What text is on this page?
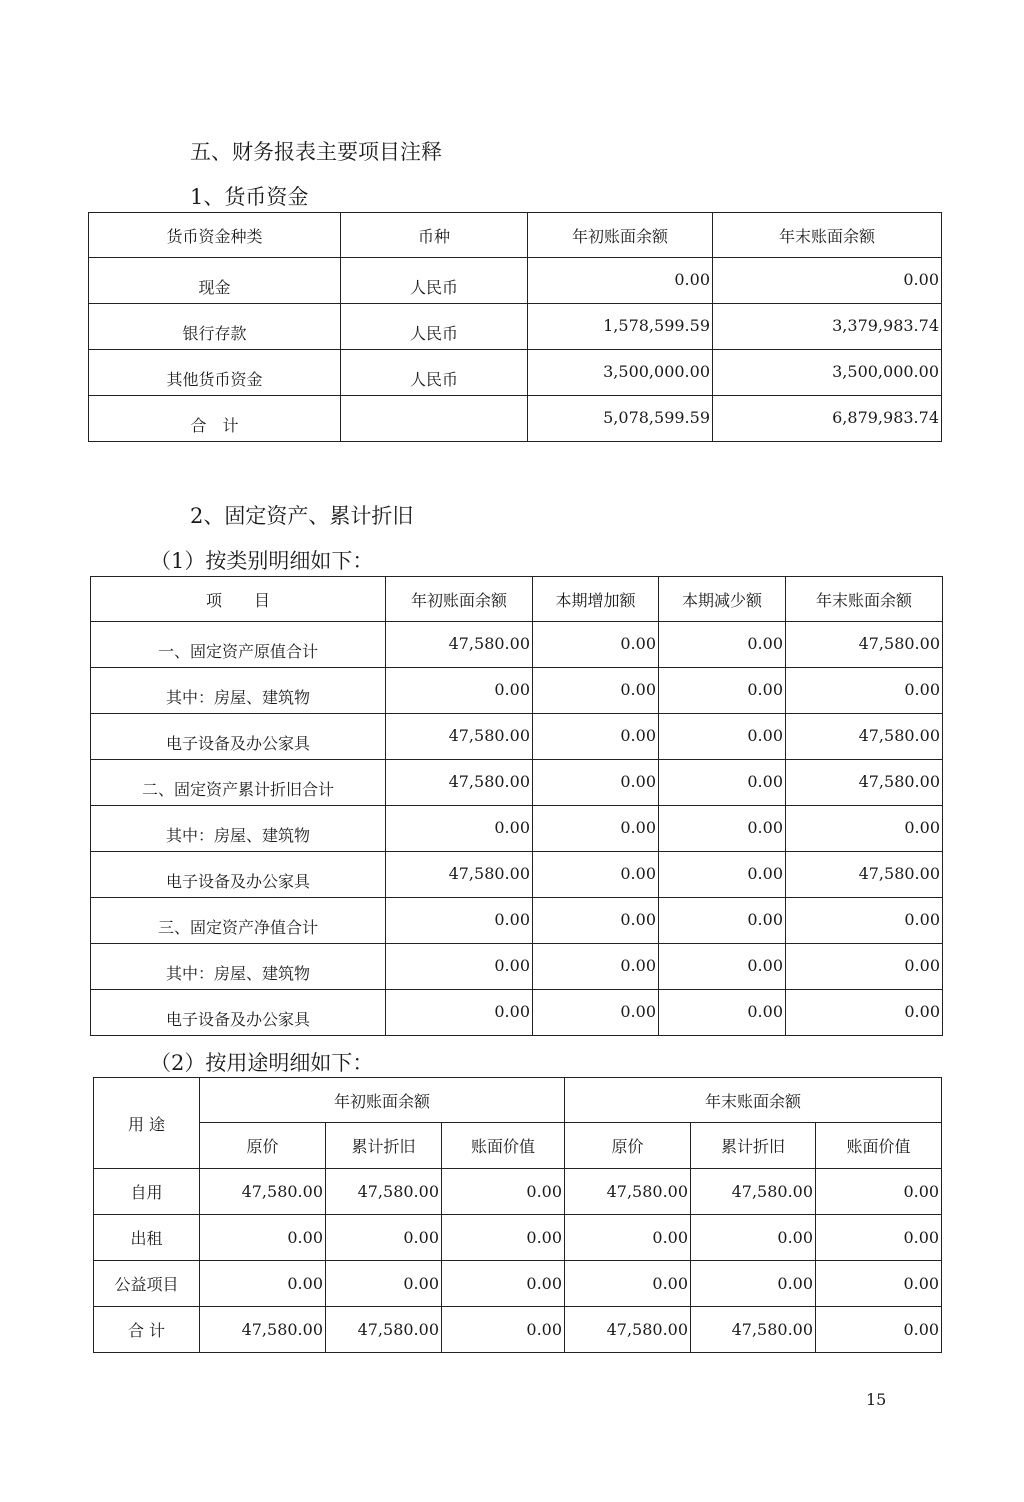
五、财务报表主要项目注释
1、货币资金
货币资金种类	币种	年初账面余额	年末账面余额
现金	人民币	0.00	0.00
银行存款	人民币	1,578,599.59	3,379,983.74
其他货币资金	人民币	3,500,000.00	3,500,000.00
合　计		5,078,599.59	6,879,983.74
2、固定资产、累计折旧
（1）按类别明细如下：
项　　目	年初账面余额	本期增加额	本期减少额	年末账面余额
一、固定资产原值合计	47,580.00	0.00	0.00	47,580.00
其中：房屋、建筑物	0.00	0.00	0.00	0.00
电子设备及办公家具	47,580.00	0.00	0.00	47,580.00
二、固定资产累计折旧合计	47,580.00	0.00	0.00	47,580.00
其中：房屋、建筑物	0.00	0.00	0.00	0.00
电子设备及办公家具	47,580.00	0.00	0.00	47,580.00
三、固定资产净值合计	0.00	0.00	0.00	0.00
其中：房屋、建筑物	0.00	0.00	0.00	0.00
电子设备及办公家具	0.00	0.00	0.00	0.00
（2）按用途明细如下：
用 途	年初账面余额			年末账面余额		
	原价	累计折旧	账面价值	原价	累计折旧	账面价值
自用	47,580.00	47,580.00	0.00	47,580.00	47,580.00	0.00
出租	0.00	0.00	0.00	0.00	0.00	0.00
公益项目	0.00	0.00	0.00	0.00	0.00	0.00
合 计	47,580.00	47,580.00	0.00	47,580.00	47,580.00	0.00
15
